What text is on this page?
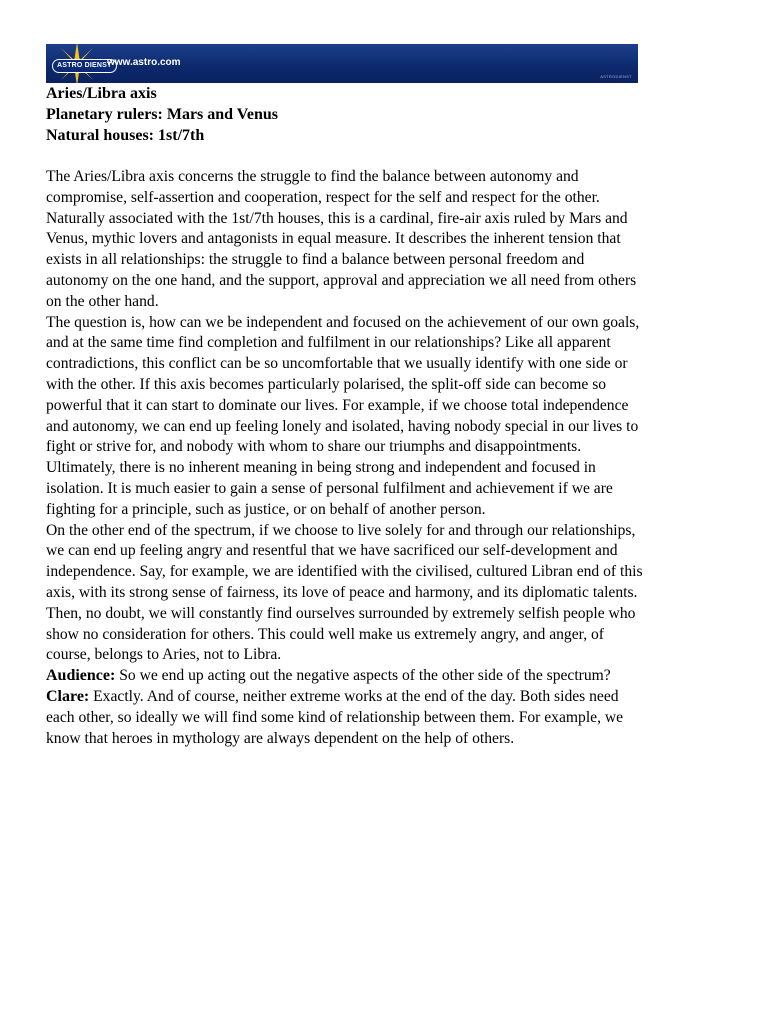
ASTRO DIENST
www.astro.com
ASTRODIENST
Aries/Libra axis
Planetary rulers: Mars and Venus
Natural houses: 1st/7th
The Aries/Libra axis concerns the struggle to find the balance between autonomy and
compromise, self-assertion and cooperation, respect for the self and respect for the other.
Naturally associated with the 1st/7th houses, this is a cardinal, fire-air axis ruled by Mars and
Venus, mythic lovers and antagonists in equal measure. It describes the inherent tension that
exists in all relationships: the struggle to find a balance between personal freedom and
autonomy on the one hand, and the support, approval and appreciation we all need from others
on the other hand.
The question is, how can we be independent and focused on the achievement of our own goals,
and at the same time find completion and fulfilment in our relationships? Like all apparent
contradictions, this conflict can be so uncomfortable that we usually identify with one side or
with the other. If this axis becomes particularly polarised, the split-off side can become so
powerful that it can start to dominate our lives. For example, if we choose total independence
and autonomy, we can end up feeling lonely and isolated, having nobody special in our lives to
fight or strive for, and nobody with whom to share our triumphs and disappointments.
Ultimately, there is no inherent meaning in being strong and independent and focused in
isolation. It is much easier to gain a sense of personal fulfilment and achievement if we are
fighting for a principle, such as justice, or on behalf of another person.
On the other end of the spectrum, if we choose to live solely for and through our relationships,
we can end up feeling angry and resentful that we have sacrificed our self-development and
independence. Say, for example, we are identified with the civilised, cultured Libran end of this
axis, with its strong sense of fairness, its love of peace and harmony, and its diplomatic talents.
Then, no doubt, we will constantly find ourselves surrounded by extremely selfish people who
show no consideration for others. This could well make us extremely angry, and anger, of
course, belongs to Aries, not to Libra.
Audience: So we end up acting out the negative aspects of the other side of the spectrum?
Clare: Exactly. And of course, neither extreme works at the end of the day. Both sides need
each other, so ideally we will find some kind of relationship between them. For example, we
know that heroes in mythology are always dependent on the help of others.
